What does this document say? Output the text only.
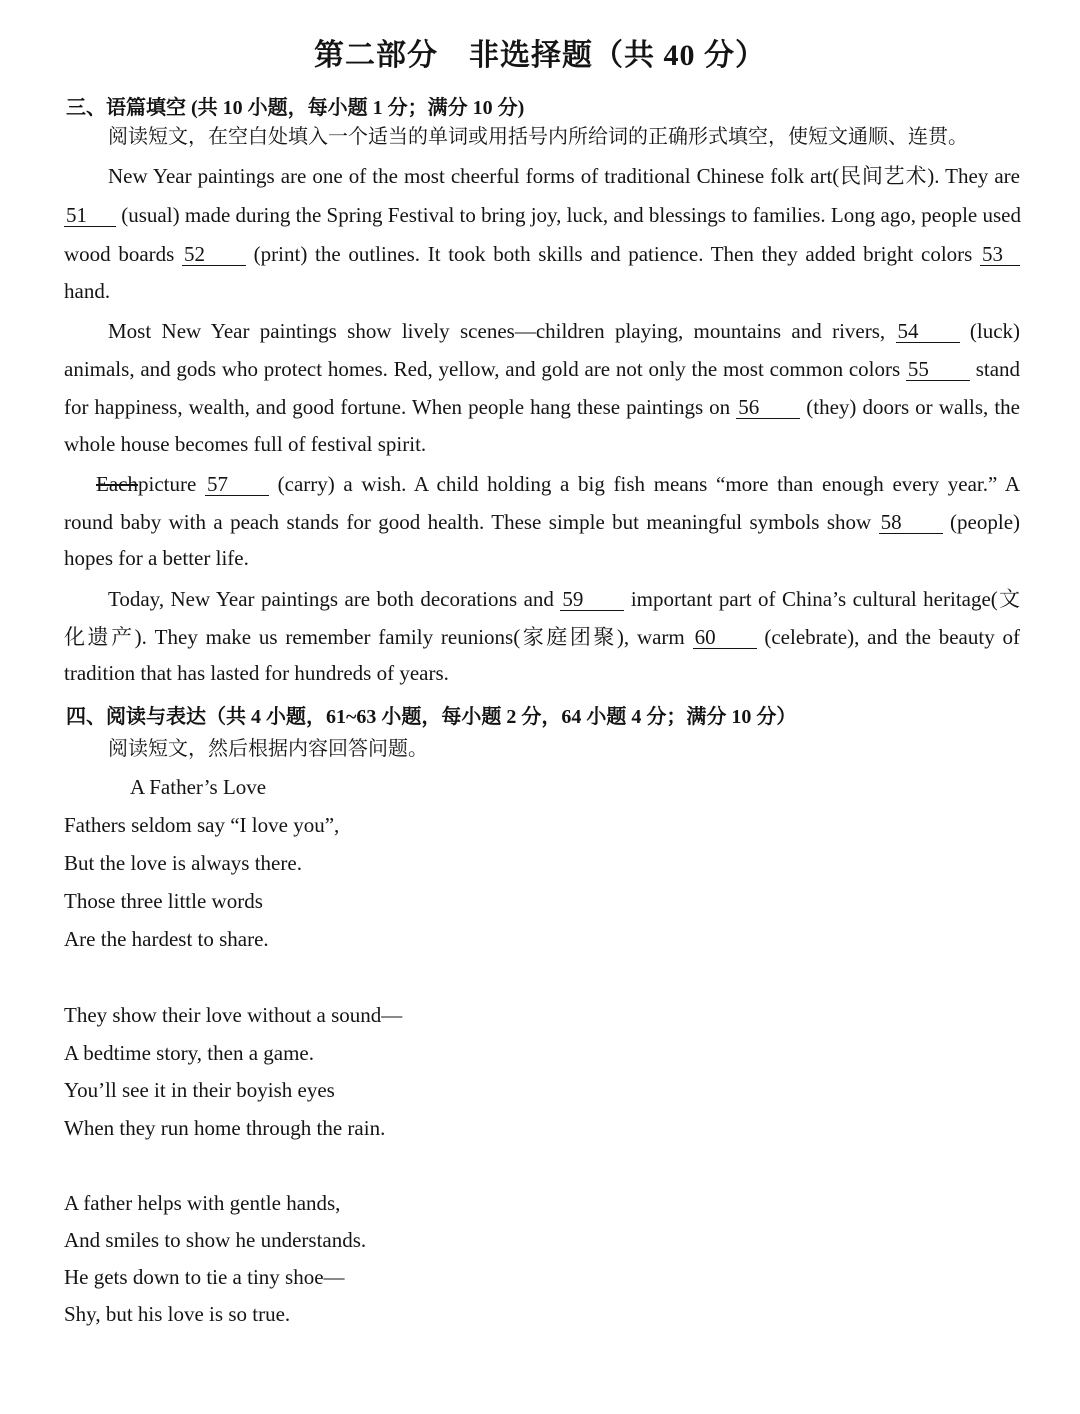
第二部分　非选择题（共 40 分）
三、语篇填空 (共 10 小题，每小题 1 分；满分 10 分)
阅读短文，在空白处填入一个适当的单词或用括号内所给词的正确形式填空，使短文通顺、连贯。
New Year paintings are one of the most cheerful forms of traditional Chinese folk art(民间艺术). They are
51 (usual) made during the Spring Festival to bring joy, luck, and blessings to families. Long ago, people used
wood boards 52 (print) the outlines. It took both skills and patience. Then they added bright colors 53
hand.
Most New Year paintings show lively scenes—children playing, mountains and rivers, 54 (luck)
animals, and gods who protect homes. Red, yellow, and gold are not only the most common colors 55 stand
for happiness, wealth, and good fortune. When people hang these paintings on 56 (they) doors or walls, the
whole house becomes full of festival spirit.
Eachpicture 57 (carry) a wish. A child holding a big fish means “more than enough every year.” A
round baby with a peach stands for good health. These simple but meaningful symbols show 58 (people)
hopes for a better life.
Today, New Year paintings are both decorations and 59 important part of China’s cultural heritage(文
化遗产). They make us remember family reunions(家庭团聚), warm 60 (celebrate), and the beauty of
tradition that has lasted for hundreds of years.
四、阅读与表达（共 4 小题，61~63 小题，每小题 2 分，64 小题 4 分；满分 10 分）
阅读短文，然后根据内容回答问题。
A Father’s Love
Fathers seldom say “I love you”,
But the love is always there.
Those three little words
Are the hardest to share.
They show their love without a sound—
A bedtime story, then a game.
You’ll see it in their boyish eyes
When they run home through the rain.
A father helps with gentle hands,
And smiles to show he understands.
He gets down to tie a tiny shoe—
Shy, but his love is so true.
